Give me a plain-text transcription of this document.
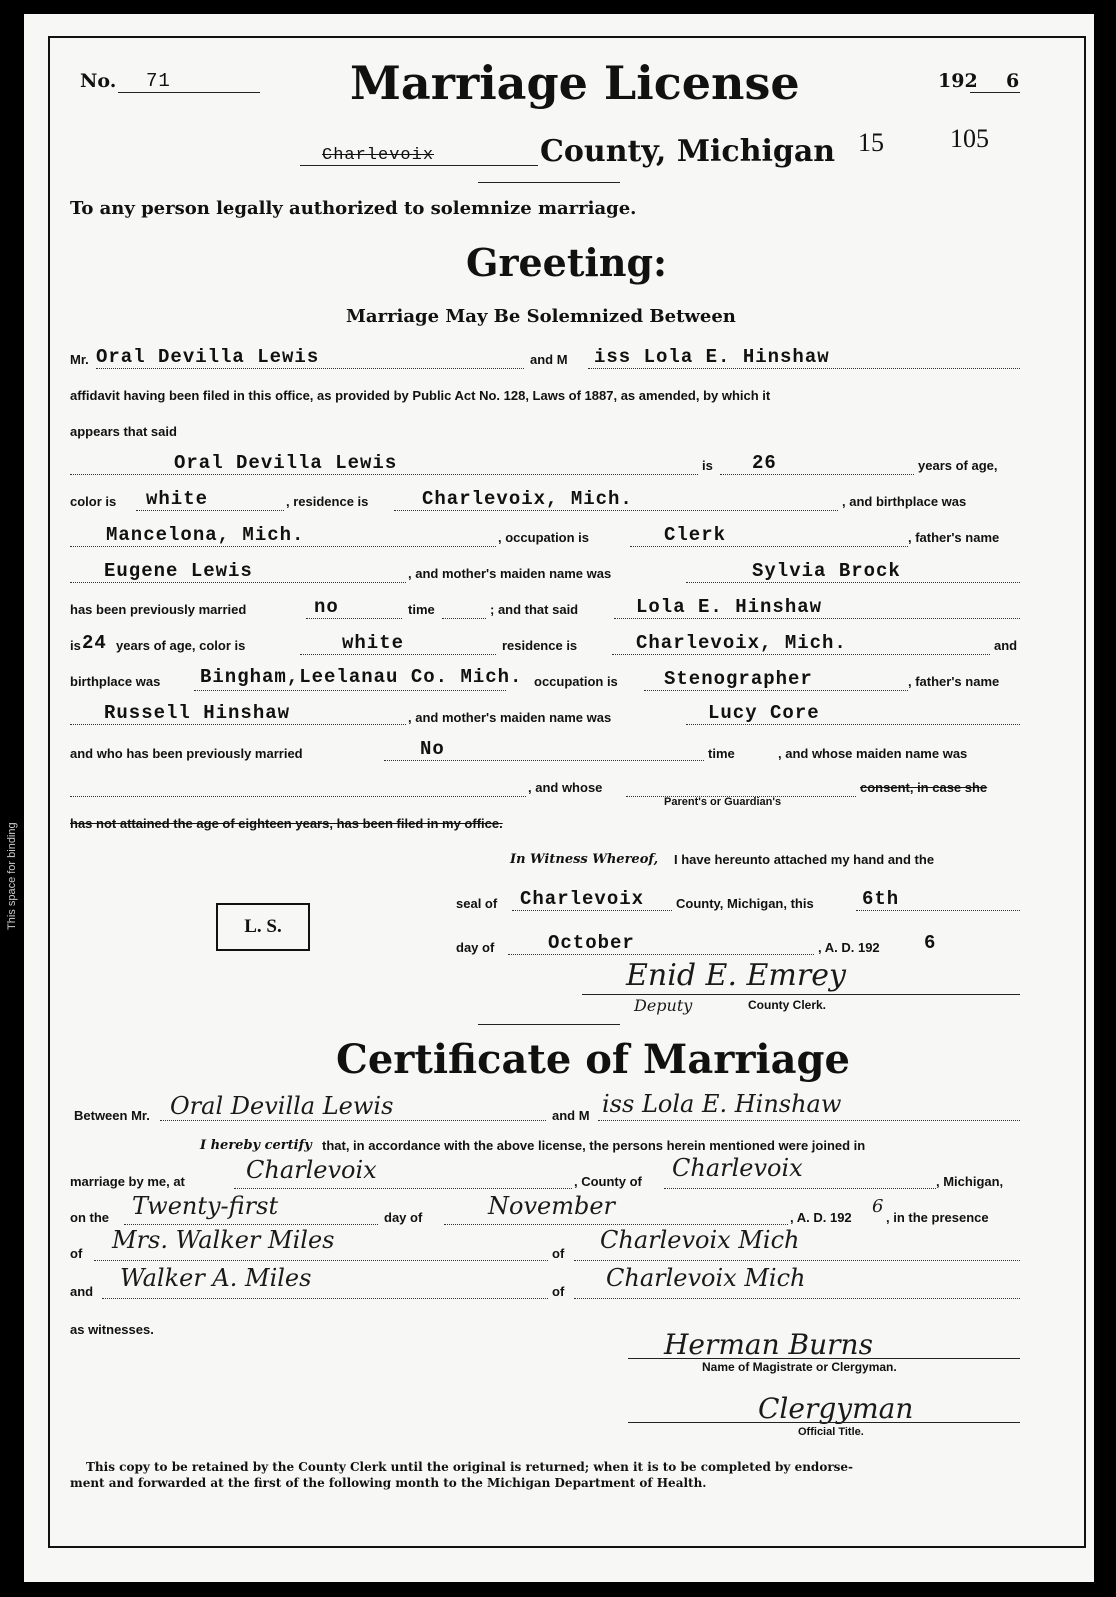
This space for binding
No. 71	Marriage License	192 6
Charlevoix	County, Michigan 15	105
To any person legally authorized to solemnize marriage.
Greeting:
Marriage May Be Solemnized Between
Mr. Oral Devilla Lewis	and M iss Lola E. Hinshaw
affidavit having been filed in this office, as provided by Public Act No. 128, Laws of 1887, as amended, by which it
appears that said
Oral Devilla Lewis	is 26	years of age,
color is white	, residence is	Charlevoix, Mich.	, and birthplace was
Mancelona, Mich.	, occupation is	Clerk	, father's name
Eugene Lewis	, and mother's maiden name was	Sylvia Brock
has been previously married	no	time	; and that said	Lola E. Hinshaw
is 24 years of age, color is	white	residence is	Charlevoix, Mich.	and
birthplace was Bingham,Leelanau Co. Mich. occupation is Stenographer	, father's name
Russell Hinshaw	, and mother's maiden name was	Lucy Core
and who has been previously married	No	time	, and whose maiden name was
, and whose	consent, in case she
Parent's or Guardian's
has not attained the age of eighteen years, has been filed in my office.
In Witness Whereof, I have hereunto attached my hand and the
L. S.
seal of Charlevoix County, Michigan, this	6th
day of	October	, A. D. 192 6
Enid E. Emrey
Deputy	County Clerk.
Certificate of Marriage
Between Mr. Oral Devilla Lewis	and M iss Lola E. Hinshaw
I hereby certify that, in accordance with the above license, the persons herein mentioned were joined in
marriage by me, at	Charlevoix	, County of Charlevoix	, Michigan,
on the Twenty-first	day of	November	, A. D. 192
6
, in the presence
of Mrs. Walker Miles	of Charlevoix Mich
and Walker A. Miles	of Charlevoix Mich
as witnesses.	Herman Burns
Name of Magistrate or Clergyman.
Clergyman
Official Title.
This copy to be retained by the County Clerk until the original is returned; when it is to be completed by endorse-
ment and forwarded at the first of the following month to the Michigan Department of Health.
